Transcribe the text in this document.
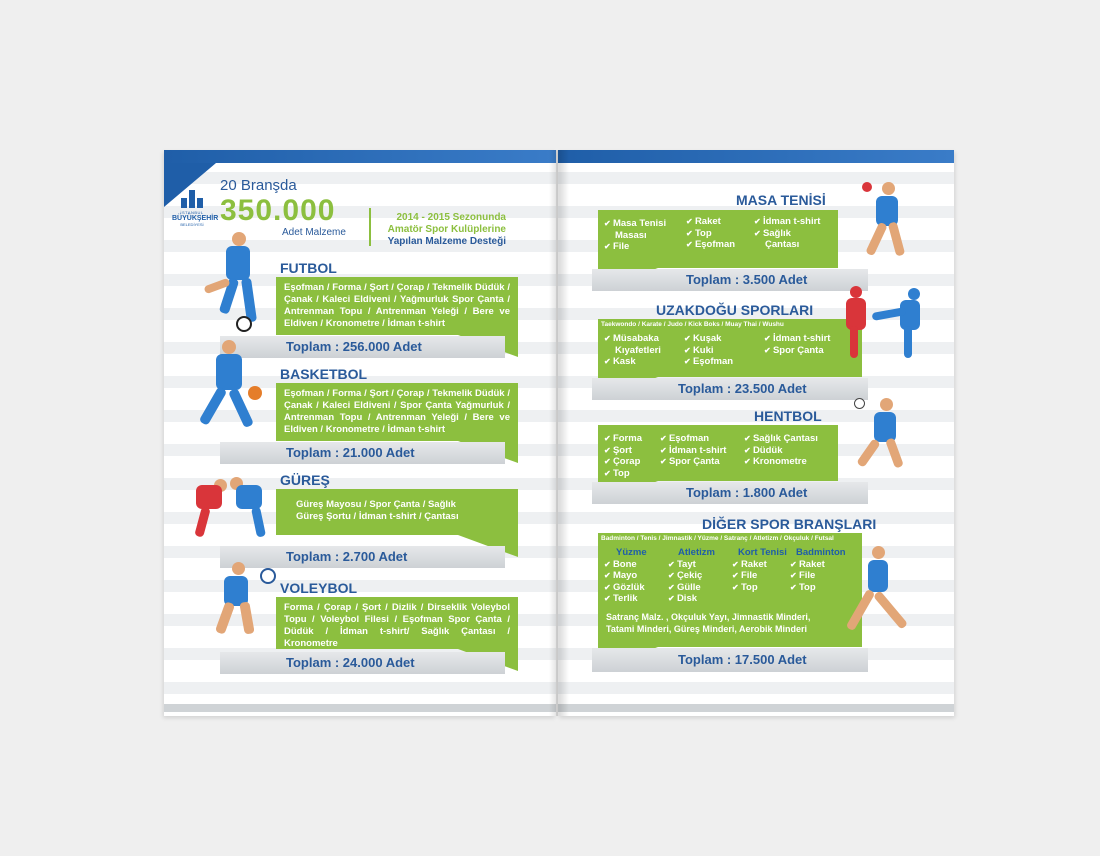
İSTANBUL
BÜYÜKŞEHİR
BELEDİYESİ
20 Branşda
350.000
Adet Malzeme
2014 - 2015 Sezonunda
Amatör Spor Kulüplerine
Yapılan Malzeme Desteği
FUTBOL
Eşofman / Forma / Şort / Çorap / Tekmelik Düdük / Çanak / Kaleci Eldiveni / Yağmurluk Spor Çanta / Antrenman Topu / Antrenman Yeleği / Bere ve Eldiven / Kronometre / İdman t-shirt
Toplam : 256.000 Adet
BASKETBOL
Eşofman / Forma / Şort / Çorap / Tekmelik Düdük / Çanak / Kaleci Eldiveni / Spor Çanta Yağmurluk / Antrenman Topu / Antrenman Yeleği / Bere ve Eldiven / Kronometre / İdman t-shirt
Toplam : 21.000 Adet
GÜREŞ
Güreş Mayosu / Spor Çanta / Sağlık
Güreş Şortu / İdman t-shirt / Çantası
Toplam : 2.700 Adet
VOLEYBOL
Forma / Çorap / Şort / Dizlik / Dirseklik Voleybol Topu / Voleybol Filesi / Eşofman Spor Çanta / Düdük / İdman t-shirt/ Sağlık Çantası / Kronometre
Toplam : 24.000 Adet
MASA TENİSİ
✔ Masa Tenisi
Masası
✔ File
✔ Raket
✔ Top
✔ Eşofman
✔ İdman t-shirt
✔ Sağlık
Çantası
Toplam : 3.500 Adet
UZAKDOĞU SPORLARI
Taekwondo / Karate / Judo / Kick Boks / Muay Thai / Wushu
✔ Müsabaka
Kıyafetleri
✔ Kask
✔ Kuşak
✔ Kuki
✔ Eşofman
✔ İdman t-shirt
✔ Spor Çanta
Toplam : 23.500 Adet
HENTBOL
✔ Forma
✔ Şort
✔ Çorap
✔ Top
✔ Eşofman
✔ İdman t-shirt
✔ Spor Çanta
✔ Sağlık Çantası
✔ Düdük
✔ Kronometre
Toplam : 1.800 Adet
DİĞER SPOR BRANŞLARI
Badminton / Tenis / Jimnastik / Yüzme / Satranç / Atletizm / Okçuluk / Futsal
Yüzme
✔ Bone
✔ Mayo
✔ Gözlük
✔ Terlik
Atletizm
✔ Tayt
✔ Çekiç
✔ Gülle
✔ Disk
Kort Tenisi
✔ Raket
✔ File
✔ Top
Badminton
✔ Raket
✔ File
✔ Top
Satranç Malz. , Okçuluk Yayı, Jimnastik Minderi,
Tatami Minderi, Güreş Minderi, Aerobik Minderi
Toplam : 17.500 Adet
